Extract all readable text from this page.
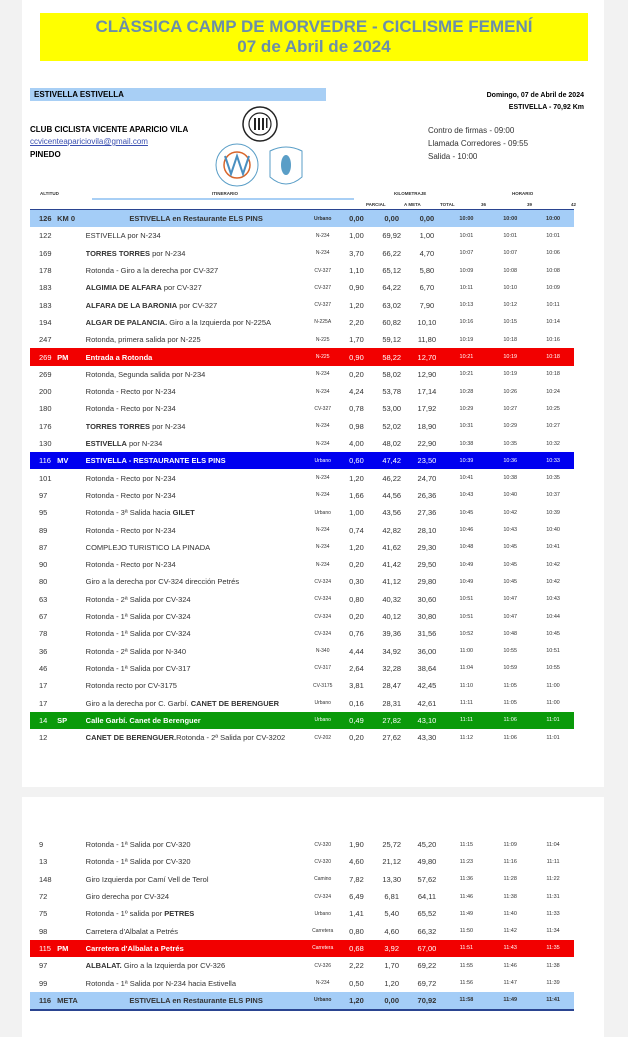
CLÀSSICA CAMP DE MORVEDRE - CICLISME FEMENÍ
07 de Abril de 2024
ESTIVELLA ESTIVELLA	Domingo, 07 de Abril de 2024
ESTIVELLA - 70,92 Km
CLUB CICLISTA VICENTE APARICIO VILA
ccvicenteapariciovila@gmail.com
PINEDO
Contro de firmas - 09:00
Llamada Corredores - 09:55
Salida - 10:00
ALTITUD	ITINERARIO	KILOMETRAJE	HORARIO
PARCIAL	A META	TOTAL	36	39	42
126 KM 0	ESTIVELLA en Restaurante ELS PINS	Urbano	0,00	0,00	0,00	10:00	10:00	10:00
122	ESTIVELLA por N-234	N-234	1,00	69,92	1,00	10:01	10:01	10:01
169	TORRES TORRES por N-234	N-234	3,70	66,22	4,70	10:07	10:07	10:06
178	Rotonda - Giro a la derecha por CV-327	CV-327	1,10	65,12	5,80	10:09	10:08	10:08
183	ALGIMIA DE ALFARA por CV-327	CV-327	0,90	64,22	6,70	10:11	10:10	10:09
183	ALFARA DE LA BARONIA por CV-327	CV-327	1,20	63,02	7,90	10:13	10:12	10:11
194	ALGAR DE PALANCIA. Giro a la Izquierda por N-225A	N-225A	2,20	60,82	10,10	10:16	10:15	10:14
247	Rotonda, primera salida por N-225	N-225	1,70	59,12	11,80	10:19	10:18	10:16
269 PM	Entrada a Rotonda	N-225	0,90	58,22	12,70	10:21	10:19	10:18
269	Rotonda, Segunda salida por N-234	N-234	0,20	58,02	12,90	10:21	10:19	10:18
200	Rotonda - Recto por N-234	N-234	4,24	53,78	17,14	10:28	10:26	10:24
180	Rotonda - Recto por N-234	CV-327	0,78	53,00	17,92	10:29	10:27	10:25
176	TORRES TORRES por N-234	N-234	0,98	52,02	18,90	10:31	10:29	10:27
130	ESTIVELLA por N-234	N-234	4,00	48,02	22,90	10:38	10:35	10:32
116 MV	ESTIVELLA - RESTAURANTE ELS PINS	Urbano	0,60	47,42	23,50	10:39	10:36	10:33
101	Rotonda - Recto por N-234	N-234	1,20	46,22	24,70	10:41	10:38	10:35
97	Rotonda - Recto por N-234	N-234	1,66	44,56	26,36	10:43	10:40	10:37
95	Rotonda - 3ª Salida hacia GILET	Urbano	1,00	43,56	27,36	10:45	10:42	10:39
89	Rotonda - Recto por N-234	N-234	0,74	42,82	28,10	10:46	10:43	10:40
87	COMPLEJO TURISTICO LA PINADA	N-234	1,20	41,62	29,30	10:48	10:45	10:41
90	Rotonda - Recto por N-234	N-234	0,20	41,42	29,50	10:49	10:45	10:42
80	Giro a la derecha por CV-324 dirección Petrés	CV-324	0,30	41,12	29,80	10:49	10:45	10:42
63	Rotonda - 2ª Salida por CV-324	CV-324	0,80	40,32	30,60	10:51	10:47	10:43
67	Rotonda - 1ª Salida por CV-324	CV-324	0,20	40,12	30,80	10:51	10:47	10:44
78	Rotonda - 1ª Salida por CV-324	CV-324	0,76	39,36	31,56	10:52	10:48	10:45
36	Rotonda - 2ª Salida por N-340	N-340	4,44	34,92	36,00	11:00	10:55	10:51
46	Rotonda - 1ª Salida por CV-317	CV-317	2,64	32,28	38,64	11:04	10:59	10:55
17	Rotonda recto por CV-3175	CV-3175	3,81	28,47	42,45	11:10	11:05	11:00
17	Giro a la derecha por C. Garbí. CANET DE BERENGUER	Urbano	0,16	28,31	42,61	11:11	11:05	11:00
14	SP	Calle Garbí. Canet de Berenguer	Urbano	0,49	27,82	43,10	11:11	11:06	11:01
12	CANET DE BERENGUER.Rotonda - 2ª Salida por CV-3202	CV-202	0,20	27,62	43,30	11:12	11:06	11:01
9	Rotonda - 1ª Salida por CV-320	CV-320	1,90	25,72	45,20	11:15	11:09	11:04
13	Rotonda - 1ª Salida por CV-320	CV-320	4,60	21,12	49,80	11:23	11:16	11:11
148	Giro Izquierda por Camí Vell de Terol	Camino	7,82	13,30	57,62	11:36	11:28	11:22
72	Giro derecha por CV-324	CV-324	6,49	6,81	64,11	11:46	11:38	11:31
75	Rotonda - 1º salida por PETRES	Urbano	1,41	5,40	65,52	11:49	11:40	11:33
98	Carretera d'Albalat a Petrés	Carretera	0,80	4,60	66,32	11:50	11:42	11:34
115 PM	Carretera d'Albalat a Petrés	Carretera	0,68	3,92	67,00	11:51	11:43	11:35
97	ALBALAT. Giro a la Izquierda por CV-326	CV-326	2,22	1,70	69,22	11:55	11:46	11:38
99	Rotonda - 1ª Salida por N-234 hacia Estivella	N-234	0,50	1,20	69,72	11:56	11:47	11:39
116 META	ESTIVELLA en Restaurante ELS PINS	Urbano	1,20	0,00	70,92	11:58	11:49	11:41
